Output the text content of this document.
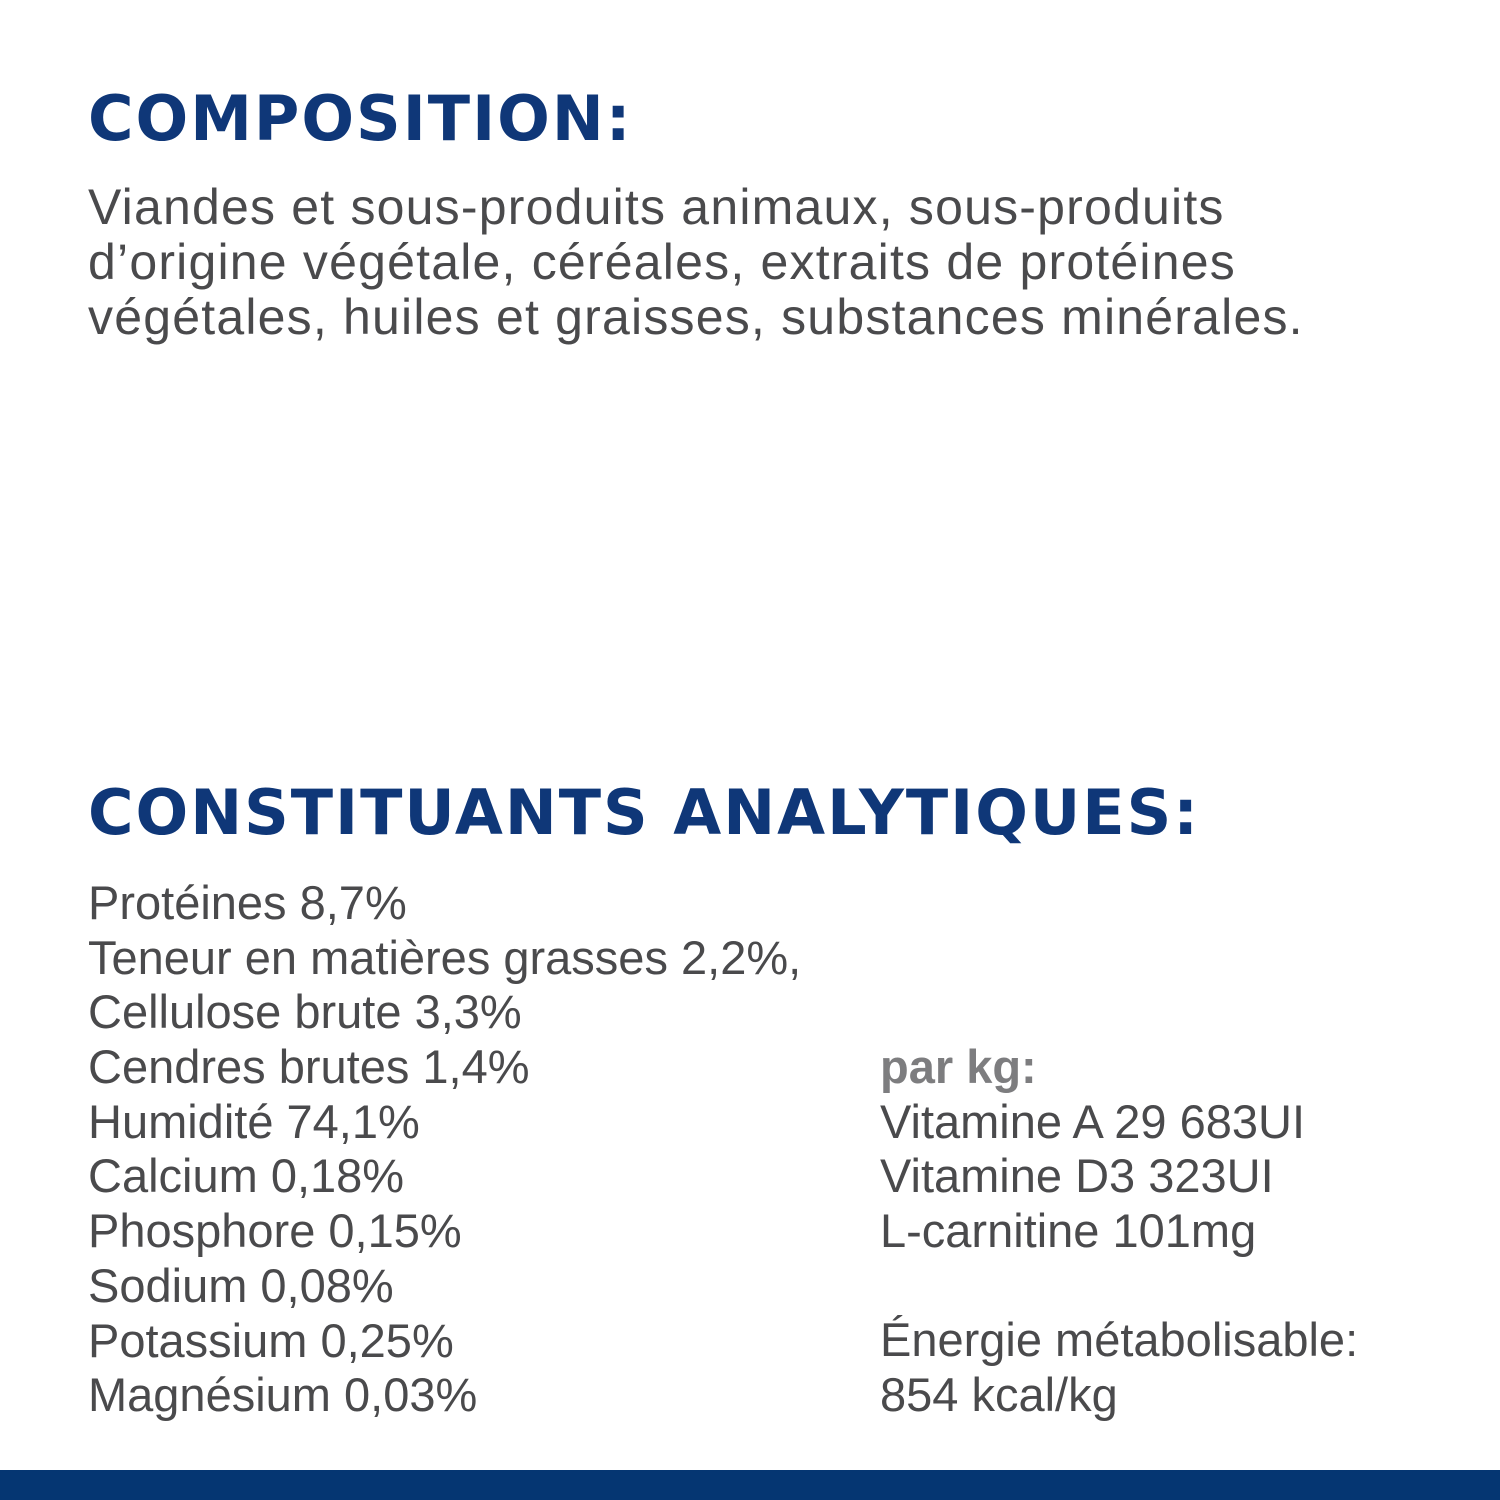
COMPOSITION:

Viandes et sous-produits animaux, sous-produits
d’origine végétale, céréales, extraits de protéines
végétales, huiles et graisses, substances minérales.

CONSTITUANTS ANALYTIQUES:
Protéines 8,7%
Teneur en matières grasses 2,2%,
Cellulose brute 3,3%
Cendres brutes 1,4%
Humidité 74,1%
Calcium 0,18%
Phosphore 0,15%
Sodium 0,08%
Potassium 0,25%
Magnésium 0,03%
par kg:
Vitamine A 29 683UI
Vitamine D3 323UI
L-carnitine 101mg
Énergie métabolisable:
854 kcal/kg
